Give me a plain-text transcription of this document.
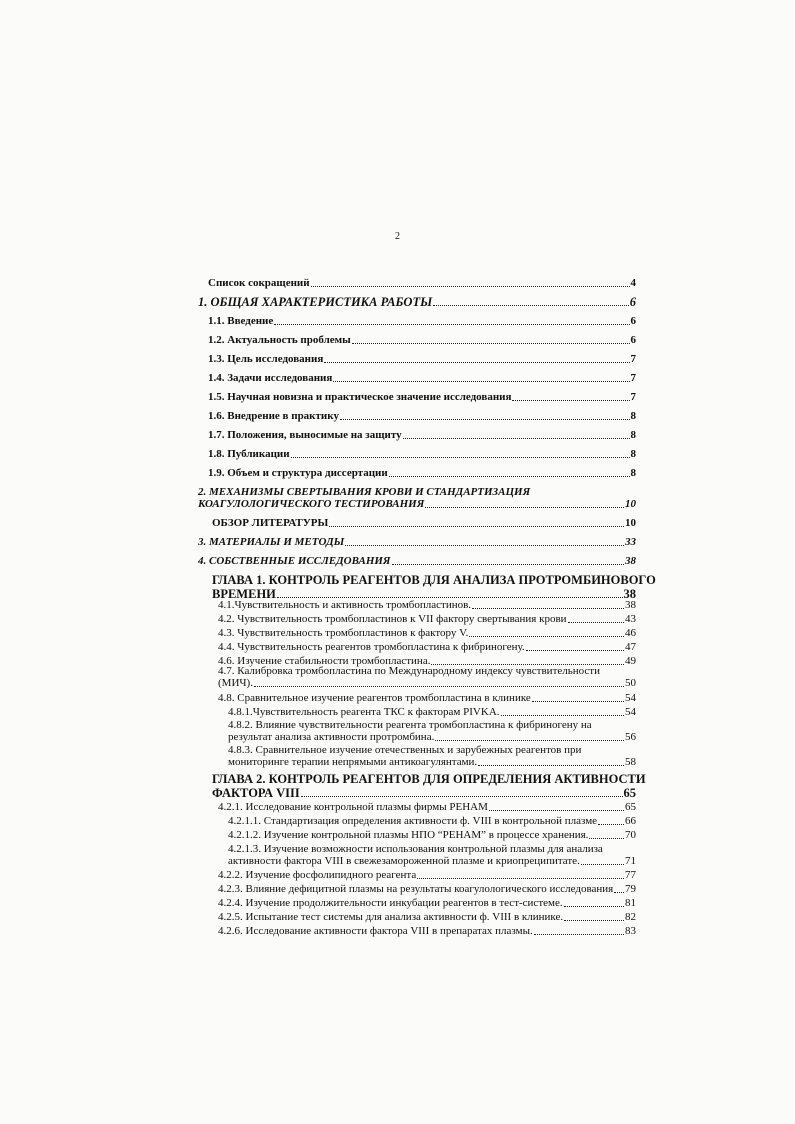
2
Список сокращений	4
1. ОБЩАЯ ХАРАКТЕРИСТИКА РАБОТЫ	6
1.1. Введение	6
1.2. Актуальность проблемы	6
1.3. Цель исследования	7
1.4. Задачи исследования	7
1.5. Научная новизна и практическое значение исследования	7
1.6. Внедрение в практику	8
1.7. Положения, выносимые на защиту	8
1.8. Публикации	8
1.9. Объем и структура диссертации	8
2. МЕХАНИЗМЫ СВЕРТЫВАНИЯ КРОВИ И СТАНДАРТИЗАЦИЯ
КОАГУЛОЛОГИЧЕСКОГО ТЕСТИРОВАНИЯ	10
ОБЗОР ЛИТЕРАТУРЫ	10
3. МАТЕРИАЛЫ И МЕТОДЫ	33
4. СОБСТВЕННЫЕ ИССЛЕДОВАНИЯ	38
ГЛАВА 1. КОНТРОЛЬ РЕАГЕНТОВ ДЛЯ АНАЛИЗА ПРОТРОМБИНОВОГО
ВРЕМЕНИ	38
4.1.Чувствительность и активность тромбопластинов.	38
4.2. Чувствительность тромбопластинов к VII фактору свертывания крови	43
4.3. Чувствительность тромбопластинов к фактору V.	46
4.4. Чувствительность реагентов тромбопластина к фибриногену.	47
4.6. Изучение стабильности тромбопластина.	49
4.7. Калибровка тромбопластина по Международному индексу чувствительности
(МИЧ).	50
4.8. Сравнительное изучение реагентов тромбопластина в клинике	54
4.8.1.Чувствительность реагента ТКС к факторам PIVKA.	54
4.8.2. Влияние чувствительности реагента тромбопластина к фибриногену на
результат анализа активности протромбина.	56
4.8.3. Сравнительное изучение отечественных и зарубежных реагентов при
мониторинге терапии непрямыми антикоагулянтами.	58
ГЛАВА 2. КОНТРОЛЬ РЕАГЕНТОВ ДЛЯ ОПРЕДЕЛЕНИЯ АКТИВНОСТИ
ФАКТОРА VIII	65
4.2.1. Исследование контрольной плазмы фирмы РЕНАМ	65
4.2.1.1. Стандартизация определения активности ф. VIII в контрольной плазме	66
4.2.1.2. Изучение контрольной плазмы НПО “РЕНАМ” в процессе хранения.	70
4.2.1.3. Изучение возможности использования контрольной плазмы для анализа
активности фактора VIII в свежезамороженной плазме и криопреципитате.	71
4.2.2. Изучение фосфолипидного реагента	77
4.2.3. Влияние дефицитной плазмы на результаты коагулологического исследования 79
4.2.4. Изучение продолжительности инкубации реагентов в тест-системе.	81
4.2.5. Испытание тест системы для анализа активности ф. VIII в клинике.	82
4.2.6. Исследование активности фактора VIII в препаратах плазмы.	83
